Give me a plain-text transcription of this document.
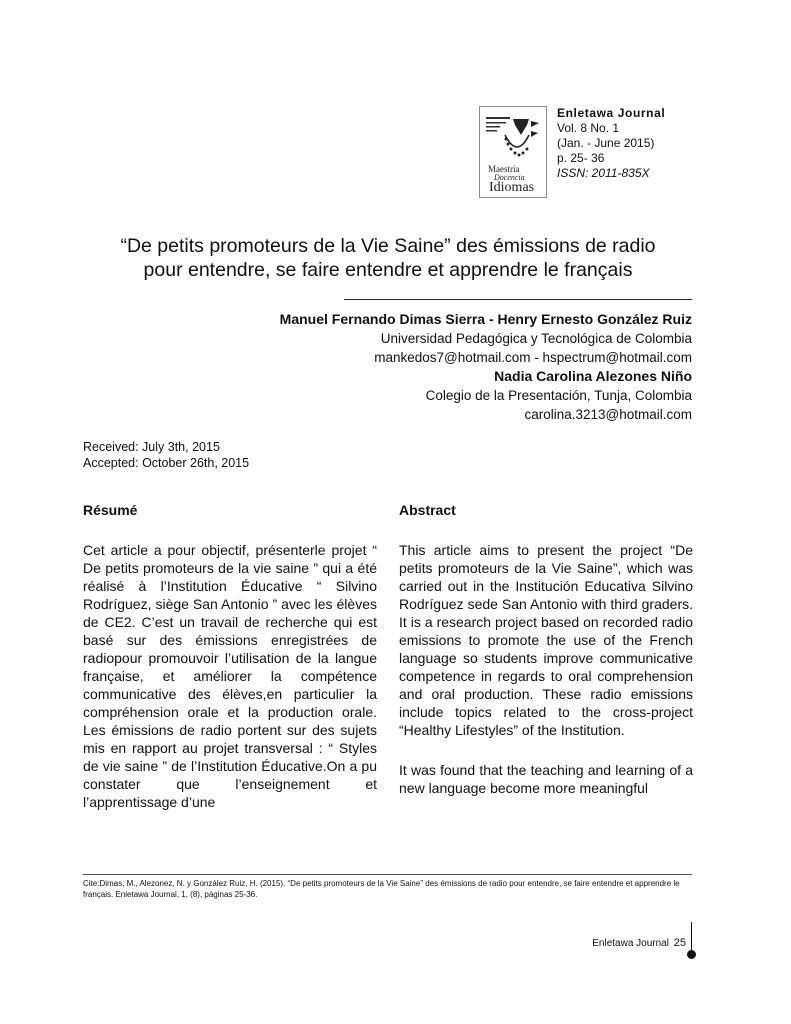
Maestría
Docencia
Idiomas
Enletawa Journal
Vol. 8 No. 1
(Jan. - June 2015)
p. 25- 36
ISSN: 2011-835X
“De petits promoteurs de la Vie Saine” des émissions de radio
pour entendre, se faire entendre et apprendre le français
Manuel Fernando Dimas Sierra - Henry Ernesto González Ruiz
Universidad Pedagógica y Tecnológica de Colombia
mankedos7@hotmail.com - hspectrum@hotmail.com
Nadia Carolina Alezones Niño
Colegio de la Presentación, Tunja, Colombia
carolina.3213@hotmail.com
Received: July 3th, 2015
Accepted: October 26th, 2015
Résumé

Cet article a pour objectif, présenterle projet “ De petits promoteurs de la vie saine ” qui a été réalisé à l’Institution Éducative “ Silvino Rodríguez, siège San Antonio ” avec les élèves de CE2. C’est un travail de recherche qui est basé sur des émissions enregistrées de radiopour promouvoir l’utilisation de la langue française, et améliorer la compétence communicative des élèves,en particulier la compréhension orale et la production orale. Les émissions de radio portent sur des sujets mis en rapport au projet transversal : “ Styles de vie saine ” de l’Institution Éducative.On a pu constater que l’enseignement et l’apprentissage d’une

Abstract

This article aims to present the project “De petits promoteurs de la Vie Saine”, which was carried out in the Institución Educativa Silvino Rodríguez sede San Antonio with third graders. It is a research project based on recorded radio emissions to promote the use of the French language so students improve communicative competence in regards to oral comprehension and oral production. These radio emissions include topics related to the cross-project “Healthy Lifestyles” of the Institution.

It was found that the teaching and learning of a new language become more meaningful

Cite:Dimas, M., Alezonez, N. y González Ruiz, H. (2015). “De petits promoteurs de la Vie Saine” des émissions de radio pour entendre, se faire entendre et apprendre le français. Enletawa Journal, 1, (8), páginas 25-36.
Enletawa Journal 25
